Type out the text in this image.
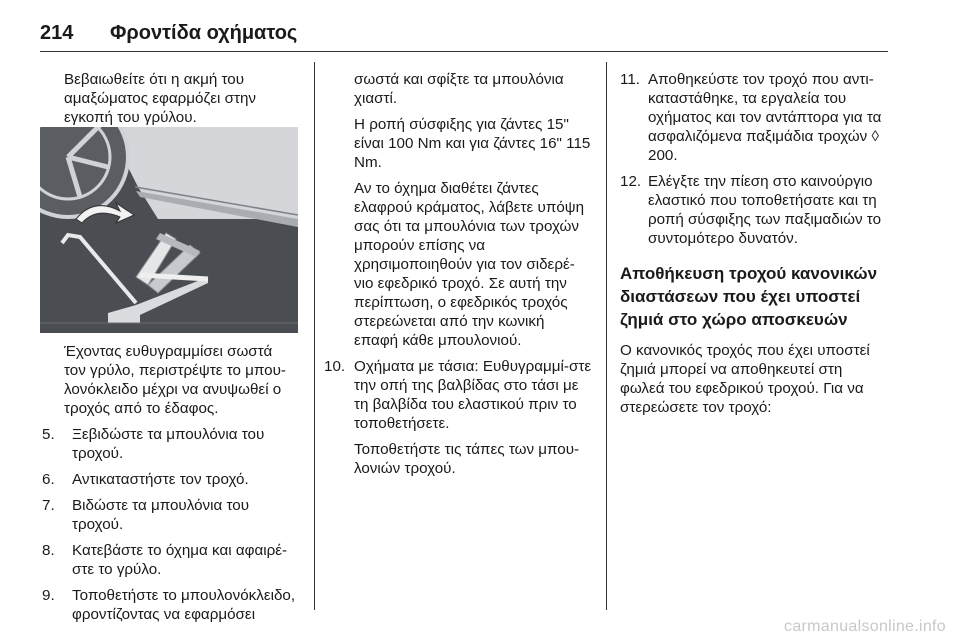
214 Φροντίδα οχήματος

Βεβαιωθείτε ότι η ακμή του αμαξώματος εφαρμόζει στην εγκοπή του γρύλου.

Έχοντας ευθυγραμμίσει σωστά τον γρύλο, περιστρέψτε το μπου-λονόκλειδο μέχρι να ανυψωθεί ο τροχός από το έδαφος.

5. Ξεβιδώστε τα μπουλόνια του τροχού.
6. Αντικαταστήστε τον τροχό.
7. Βιδώστε τα μπουλόνια του τροχού.
8. Κατεβάστε το όχημα και αφαιρέ-στε το γρύλο.
9. Τοποθετήστε το μπουλονόκλειδο, φροντίζοντας να εφαρμόσει

σωστά και σφίξτε τα μπουλόνια χιαστί.

Η ροπή σύσφιξης για ζάντες 15" είναι 100 Nm και για ζάντες 16" 115 Nm.

Αν το όχημα διαθέτει ζάντες ελαφρού κράματος, λάβετε υπόψη σας ότι τα μπουλόνια των τροχών μπορούν επίσης να χρησιμοποιηθούν για τον σιδερέ-νιο εφεδρικό τροχό. Σε αυτή την περίπτωση, ο εφεδρικός τροχός στερεώνεται από την κωνική επαφή κάθε μπουλονιού.

10. Οχήματα με τάσια: Ευθυγραμμί-στε την οπή της βαλβίδας στο τάσι με τη βαλβίδα του ελαστικού πριν το τοποθετήσετε.

Τοποθετήστε τις τάπες των μπου-λονιών τροχού.

11. Αποθηκεύστε τον τροχό που αντι-καταστάθηκε, τα εργαλεία του οχήματος και τον αντάπτορα για τα ασφαλιζόμενα παξιμάδια τροχών ◊ 200.
12. Ελέγξτε την πίεση στο καινούργιο ελαστικό που τοποθετήσατε και τη ροπή σύσφιξης των παξιμαδιών το συντομότερο δυνατόν.
Αποθήκευση τροχού κανονικών διαστάσεων που έχει υποστεί ζημιά στο χώρο αποσκευών

Ο κανονικός τροχός που έχει υποστεί ζημιά μπορεί να αποθηκευτεί στη φωλεά του εφεδρικού τροχού. Για να στερεώσετε τον τροχό:

carmanualsonline.info
